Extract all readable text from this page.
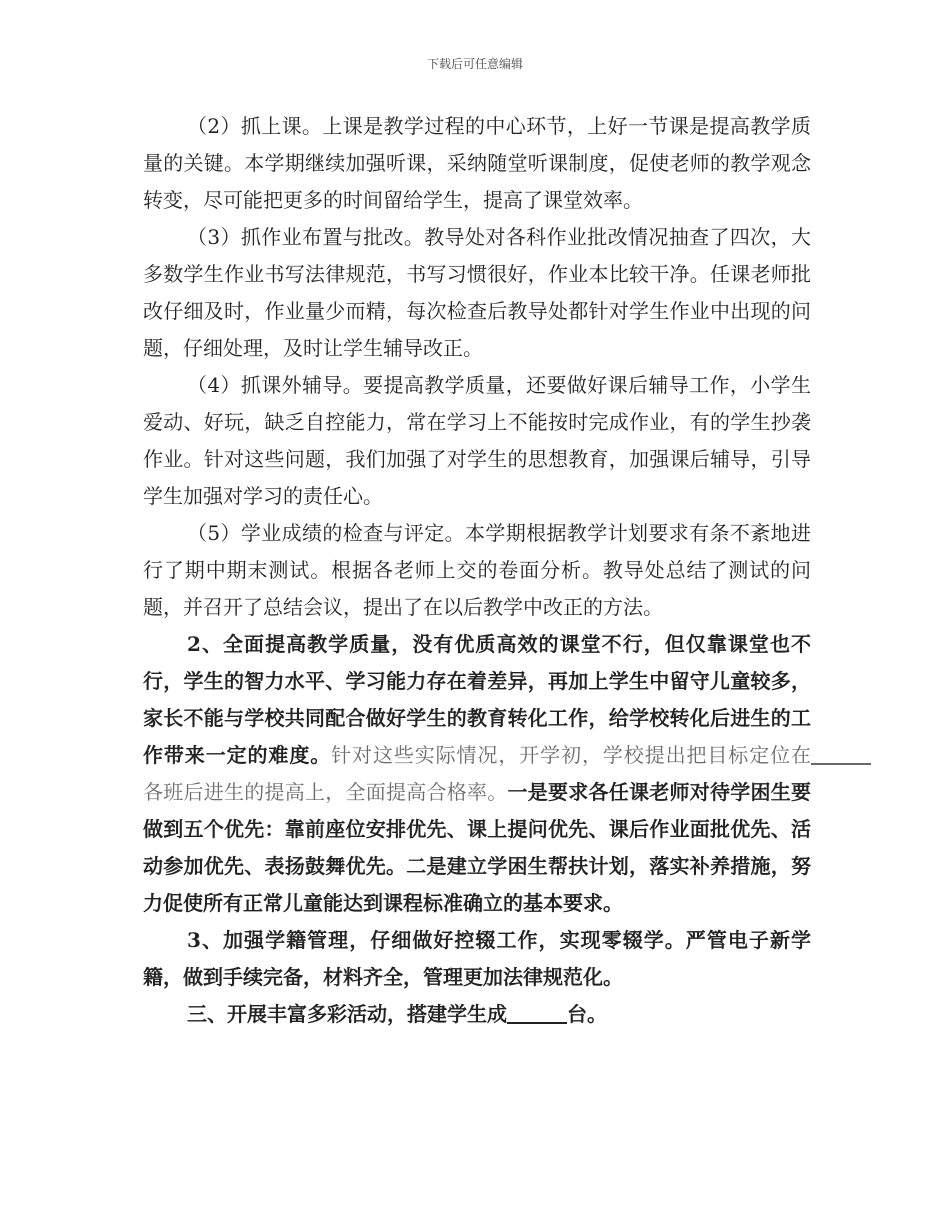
下载后可任意编辑

（2）抓上课。上课是教学过程的中心环节，上好一节课是提高教学质量的关键。本学期继续加强听课，采纳随堂听课制度，促使老师的教学观念转变，尽可能把更多的时间留给学生，提高了课堂效率。

（3）抓作业布置与批改。教导处对各科作业批改情况抽查了四次，大多数学生作业书写法律规范，书写习惯很好，作业本比较干净。任课老师批改仔细及时，作业量少而精，每次检查后教导处都针对学生作业中出现的问题，仔细处理，及时让学生辅导改正。

（4）抓课外辅导。要提高教学质量，还要做好课后辅导工作，小学生爱动、好玩，缺乏自控能力，常在学习上不能按时完成作业，有的学生抄袭作业。针对这些问题，我们加强了对学生的思想教育，加强课后辅导，引导学生加强对学习的责任心。

（5）学业成绩的检查与评定。本学期根据教学计划要求有条不紊地进行了期中期末测试。根据各老师上交的卷面分析。教导处总结了测试的问题，并召开了总结会议，提出了在以后教学中改正的方法。

2、全面提高教学质量，没有优质高效的课堂不行，但仅靠课堂也不行，学生的智力水平、学习能力存在着差异，再加上学生中留守儿童较多，家长不能与学校共同配合做好学生的教育转化工作，给学校转化后进生的工作带来一定的难度。针对这些实际情况，开学初，学校提出把目标定位在　　　各班后进生的提高上，全面提高合格率。一是要求各任课老师对待学困生要做到五个优先：靠前座位安排优先、课上提问优先、课后作业面批优先、活动参加优先、表扬鼓舞优先。二是建立学困生帮扶计划，落实补养措施，努力促使所有正常儿童能达到课程标准确立的基本要求。

3、加强学籍管理，仔细做好控辍工作，实现零辍学。严管电子新学籍，做到手续完备，材料齐全，管理更加法律规范化。

三、开展丰富多彩活动，搭建学生成　　　	台。
